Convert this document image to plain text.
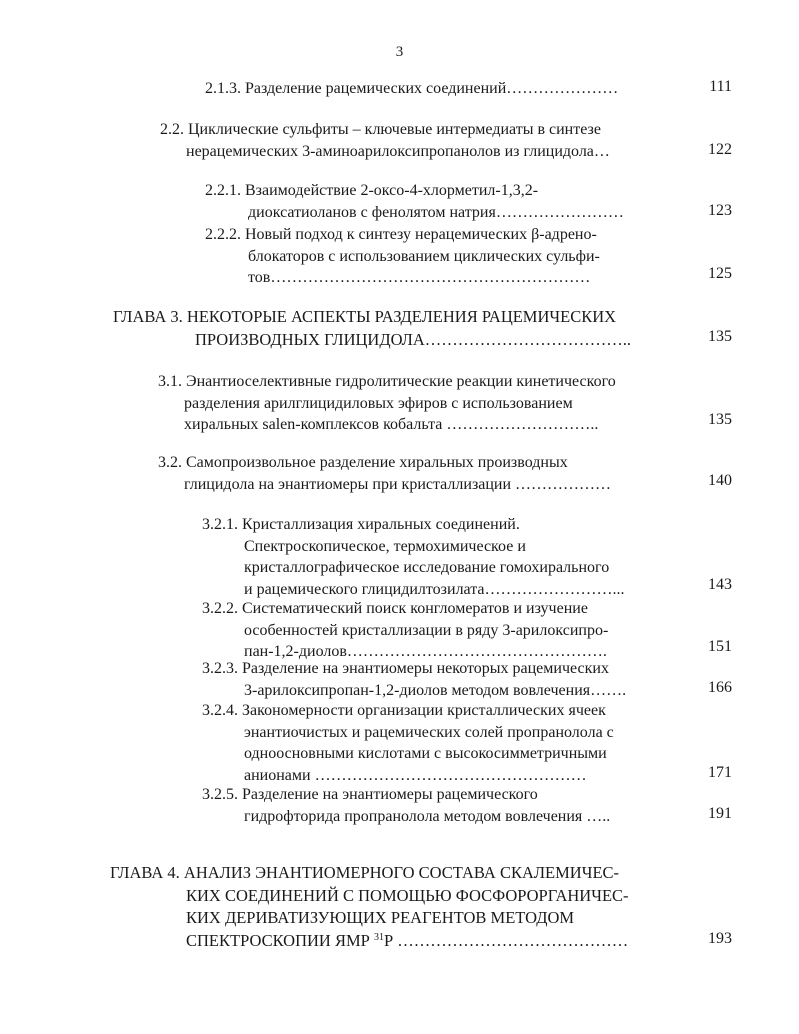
3
2.1.3. Разделение рацемических соединений…………………	111
2.2. Циклические сульфиты – ключевые интермедиаты в синтезе
нерацемических 3-аминоарилоксипропанолов из глицидола…	122
2.2.1. Взаимодействие 2-оксо-4-хлорметил-1,3,2-
диоксатиоланов с фенолятом натрия……………………	123
2.2.2. Новый подход к синтезу нерацемических β-адрено-
блокаторов с использованием циклических сульфи-
тов……………………………………………………	125
ГЛАВА 3. НЕКОТОРЫЕ АСПЕКТЫ РАЗДЕЛЕНИЯ РАЦЕМИЧЕСКИХ
ПРОИЗВОДНЫХ ГЛИЦИДОЛА………………………………..	135
3.1. Энантиоселективные гидролитические реакции кинетического
разделения арилглицидиловых эфиров с использованием
хиральных salen-комплексов кобальта ………………………..	135
3.2. Самопроизвольное разделение хиральных производных
глицидола на энантиомеры при кристаллизации ………………	140
3.2.1. Кристаллизация хиральных соединений.
Спектроскопическое, термохимическое и
кристаллографическое исследование гомохирального
и рацемического глицидилтозилата……………………...	143
3.2.2. Систематический поиск конгломератов и изучение
особенностей кристаллизации в ряду 3-арилоксипро-
пан-1,2-диолов………………………………………….	151
3.2.3. Разделение на энантиомеры некоторых рацемических
3-арилоксипропан-1,2-диолов методом вовлечения…….	166
3.2.4. Закономерности организации кристаллических ячеек
энантиочистых и рацемических солей пропранолола с
одноосновными кислотами с высокосимметричными
анионами ……………………………………………	171
3.2.5. Разделение на энантиомеры рацемического
гидрофторида пропранолола методом вовлечения …..	191
ГЛАВА 4. АНАЛИЗ ЭНАНТИОМЕРНОГО СОСТАВА СКАЛЕМИЧЕС-
КИХ СОЕДИНЕНИЙ С ПОМОЩЬЮ ФОСФОРОРГАНИЧЕС-
КИХ ДЕРИВАТИЗУЮЩИХ РЕАГЕНТОВ МЕТОДОМ
СПЕКТРОСКОПИИ ЯМР $^{31}$Р ……………………………………	193
